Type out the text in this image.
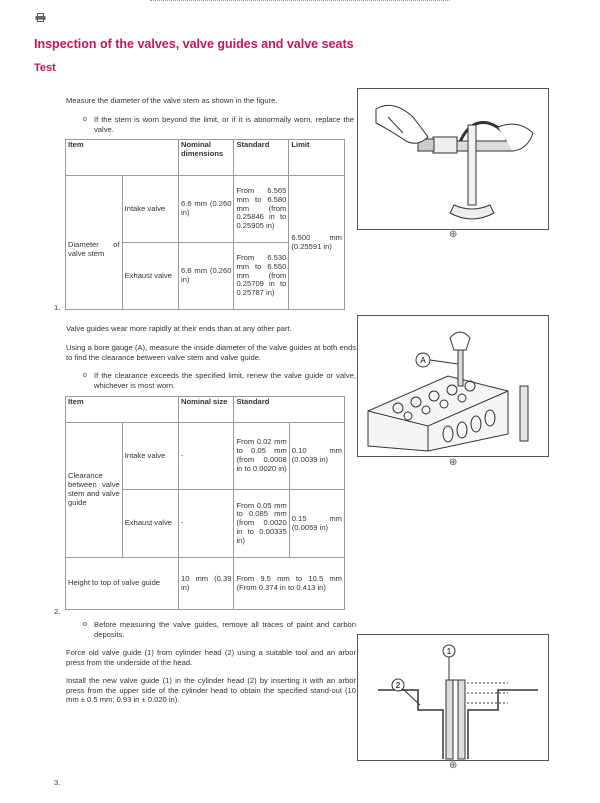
Inspection of the valves, valve guides and valve seats
Test
Measure the diameter of the valve stem as shown in the figure.
o If the stem is worn beyond the limit, or if it is abnormally worn, replace the valve.
Item		Nominal dimensions	Standard	Limit
Diameter of valve stem	Intake valve	6.6 mm (0.260 in)	From 6.565 mm to 6.580 mm (from 0.25846 in to 0.25905 in)	6.500 mm (0.25591 in)
	Exhaust valve	6.6 mm (0.260 in)	From 6.530 mm to 6.550 mm (from 0.25709 in to 0.25787 in)	
1.
⊕
Valve guides wear more rapidly at their ends than at any other part.
Using a bore gauge (A), measure the inside diameter of the valve guides at both ends to find the clearance between valve stem and valve guide.
o If the clearance exceeds the specified limit, renew the valve guide or valve, whichever is most worn.
Item		Nominal size	Standard	
Clearance between valve stem and valve guide	Intake valve	-	From 0.02 mm to 0.05 mm (from 0.0008 in to 0.0020 in)	0.10 mm (0.0039 in)
	Exhaust valve	-	From 0.05 mm to 0.085 mm (from 0.0020 in to 0.00335 in)	0.15 mm (0.0059 in)
Height to top of valve guide		10 mm (0.39 in)	From 9.5 mm to 10.5 mm (From 0.374 in to 0.413 in)	
2.
A
⊕
o Before measuring the valve guides, remove all traces of paint and carbon deposits.
Force old valve guide (1) from cylinder head (2) using a suitable tool and an arbor press from the underside of the head.
Install the new valve guide (1) in the cylinder head (2) by inserting it with an arbor press from the upper side of the cylinder head to obtain the specified stand-out (10 mm ± 0.5 mm; 0.93 in ± 0.020 in).
3.
1
2
⊕
